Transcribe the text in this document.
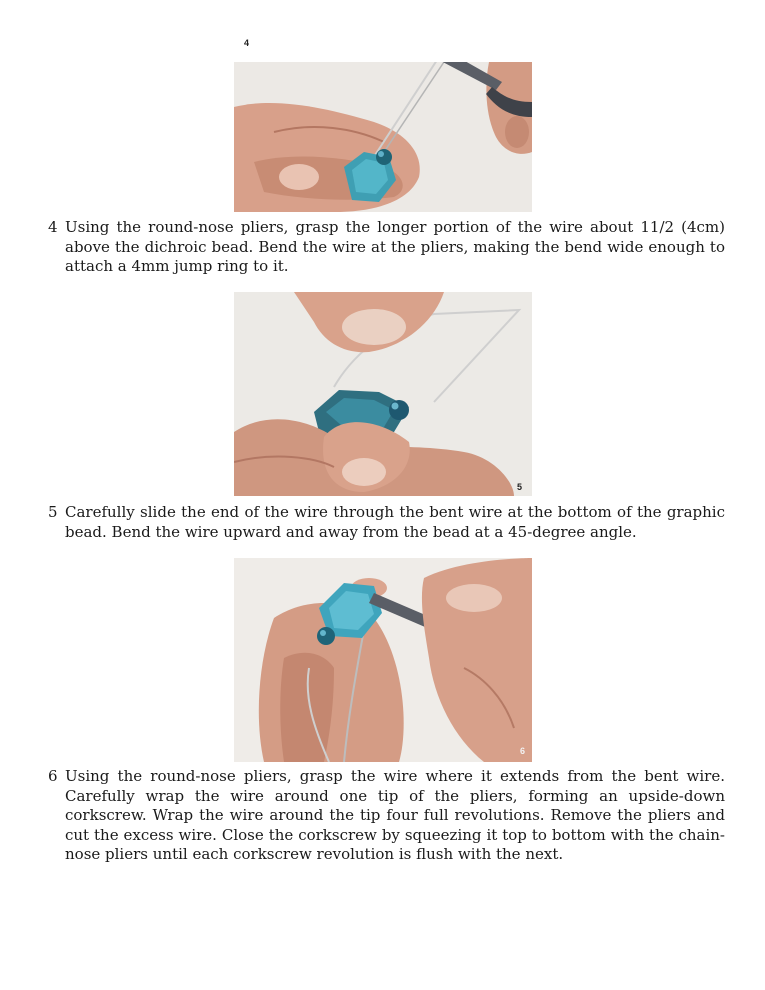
4

4 Using the round-nose pliers, grasp the longer portion of the wire about 11/2 (4cm) above the dichroic bead. Bend the wire at the pliers, making the bend wide enough to attach a 4mm jump ring to it.

5

5 Carefully slide the end of the wire through the bent wire at the bottom of the graphic bead. Bend the wire upward and away from the bead at a 45-degree angle.

6

6 Using the round-nose pliers, grasp the wire where it extends from the bent wire. Carefully wrap the wire around one tip of the pliers, forming an upside-down corkscrew. Wrap the wire around the tip four full revolutions. Remove the pliers and cut the excess wire. Close the corkscrew by squeezing it top to bottom with the chain-nose pliers until each corkscrew revolution is flush with the next.
